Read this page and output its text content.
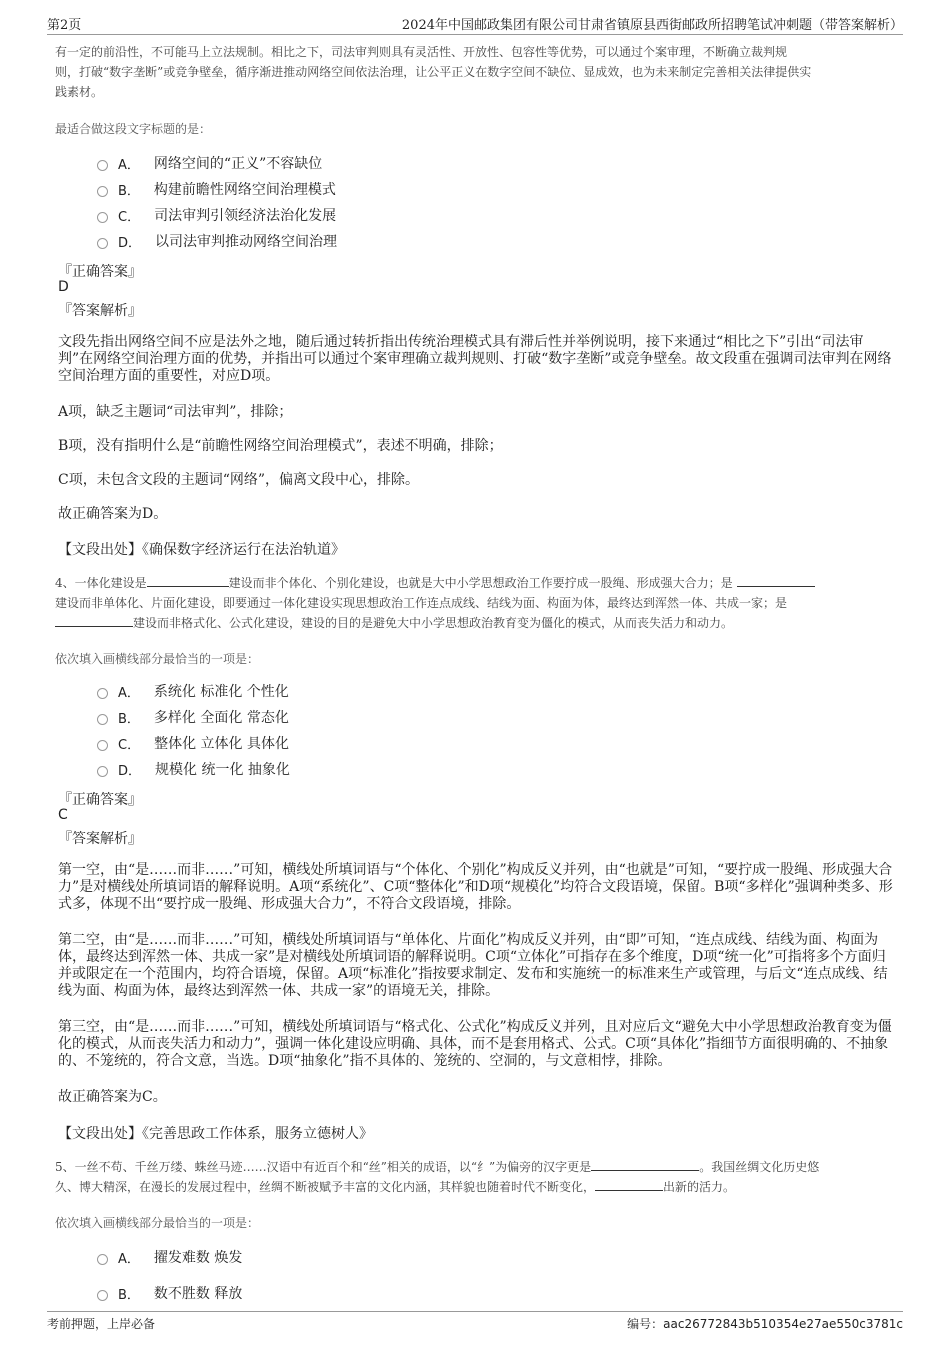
第2页	2024年中国邮政集团有限公司甘肃省镇原县西街邮政所招聘笔试冲刺题（带答案解析）
有一定的前沿性，不可能马上立法规制。相比之下，司法审判则具有灵活性、开放性、包容性等优势，可以通过个案审理，不断确立裁判规
则，打破“数字垄断”或竞争壁垒，循序渐进推动网络空间依法治理，让公平正义在数字空间不缺位、显成效，也为未来制定完善相关法律提供实
践素材。
最适合做这段文字标题的是：
A． 网络空间的“正义”不容缺位
B． 构建前瞻性网络空间治理模式
C． 司法审判引领经济法治化发展
D． 以司法审判推动网络空间治理
『正确答案』
D
『答案解析』
文段先指出网络空间不应是法外之地，随后通过转折指出传统治理模式具有滞后性并举例说明，接下来通过“相比之下”引出“司法审判”在网络空间治理方面的优势，并指出可以通过个案审理确立裁判规则、打破“数字垄断”或竞争壁垒。故文段重在强调司法审判在网络空间治理方面的重要性，对应D项。
A项，缺乏主题词“司法审判”，排除；
B项，没有指明什么是“前瞻性网络空间治理模式”，表述不明确，排除；
C项，未包含文段的主题词“网络”，偏离文段中心，排除。
故正确答案为D。
【文段出处】《确保数字经济运行在法治轨道》
4、一体化建设是	建设而非个体化、个别化建设，也就是大中小学思想政治工作要拧成一股绳、形成强大合力；是
建设而非单体化、片面化建设，即要通过一体化建设实现思想政治工作连点成线、结线为面、构面为体，最终达到浑然一体、共成一家；是
建设而非格式化、公式化建设，建设的目的是避免大中小学思想政治教育变为僵化的模式，从而丧失活力和动力。
依次填入画横线部分最恰当的一项是：
A． 系统化 标准化 个性化
B． 多样化 全面化 常态化
C． 整体化 立体化 具体化
D． 规模化 统一化 抽象化
『正确答案』
C
『答案解析』
第一空，由“是……而非……”可知，横线处所填词语与“个体化、个别化”构成反义并列，由“也就是”可知，“要拧成一股绳、形成强大合力”是对横线处所填词语的解释说明。A项“系统化”、C项“整体化”和D项“规模化”均符合文段语境，保留。B项“多样化”强调种类多、形式多，体现不出“要拧成一股绳、形成强大合力”，不符合文段语境，排除。
第二空，由“是……而非……”可知，横线处所填词语与“单体化、片面化”构成反义并列，由“即”可知，“连点成线、结线为面、构面为体，最终达到浑然一体、共成一家”是对横线处所填词语的解释说明。C项“立体化”可指存在多个维度，D项“统一化”可指将多个方面归并或限定在一个范围内，均符合语境，保留。A项“标准化”指按要求制定、发布和实施统一的标准来生产或管理，与后文“连点成线、结线为面、构面为体，最终达到浑然一体、共成一家”的语境无关，排除。
第三空，由“是……而非……”可知，横线处所填词语与“格式化、公式化”构成反义并列，且对应后文“避免大中小学思想政治教育变为僵化的模式，从而丧失活力和动力”，强调一体化建设应明确、具体，而不是套用格式、公式。C项“具体化”指细节方面很明确的、不抽象的、不笼统的，符合文意，当选。D项“抽象化”指不具体的、笼统的、空洞的，与文意相悖，排除。
故正确答案为C。
【文段出处】《完善思政工作体系，服务立德树人》
5、一丝不苟、千丝万缕、蛛丝马迹……汉语中有近百个和“丝”相关的成语，以“纟”为偏旁的汉字更是	。我国丝绸文化历史悠
久、博大精深，在漫长的发展过程中，丝绸不断被赋予丰富的文化内涵，其样貌也随着时代不断变化，	出新的活力。
依次填入画横线部分最恰当的一项是：
A． 擢发难数 焕发
B． 数不胜数 释放
考前押题，上岸必备	编号：aac26772843b510354e27ae550c3781c
